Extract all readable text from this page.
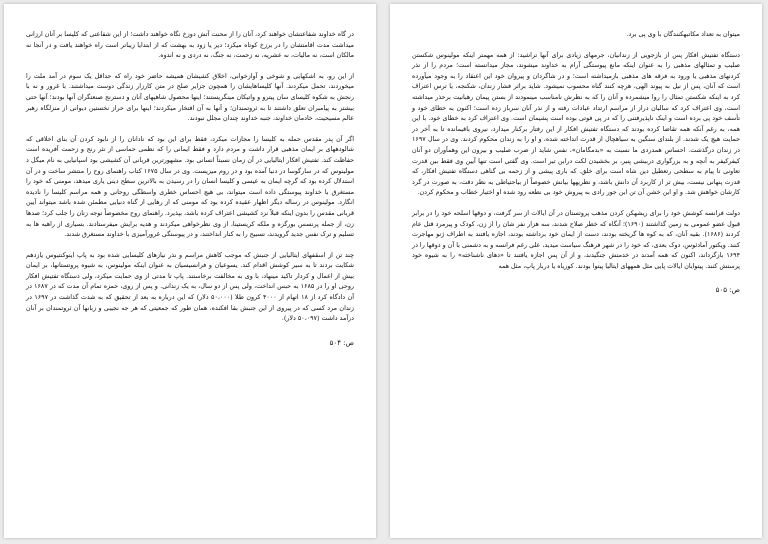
در گاه خداوند شفاعتشان خواهند کرد، آنان را از محنت آتش دوزخ نگاه خواهند داشت؛ از این شفاعتی که کلیسا بر آنان ارزانی میداشت مدت اقامتشان را در برزخ کوتاه میکرد؛ دیر یا زود به بهشت که از ابتدایا زیباتر است راه خواهند یافت و در آنجا نه مالکان است، نه مالیات، نه عشریه، نه زحمت، نه جنگ، نه دردی و نه اندوه.

از این رو، به اشکهایی و شوخی و آوازخوانی، اخلاق کشیشان همیشه حاضر خود راه که حداقل یک سوم در آمد ملت را میخوردند، تحمل میکردند. آنها کلیساهایشان را همچون جزایر صلح در متن کارزار زندگی دوست میداشتند. با غرور و نه با رنجش به شکوه کلیسای سان پیترو و واتیکان مینگریستند؛ اینها محصول شاهیهای آنان و دسترنج صنعتگران آنها بودند؛ آنها حتی بیشتر به پیامبران تعلق داشتند تا به ثروتمندان؛ و آنها به آن افتخار میکردند؛ اینها برای حراز نخستین دیوانی از منزلگاه رهبر عالم مسیحیت، خادمان خداوند، جنبه خداوند چندان مجلل نبودند.

اگر آن پدر مقدس حمله به کلیسا را مجازات میکرد، فقط برای این بود که نادانان را از نابود کردن آن بنای اخلاقی که شالودههای بر ایمان مذهبی قرار داشت و مردم دارد و فقط ایمانی را که نظمی حماسی از نثر رنج و زحمت آفریده است حفاظت کند. تفتیش افکار ایتالیایی در آن زمان نسبتاً انسانی بود. مشهورترین قربانی آن کشیشی بود اسپانیایی به نام میگل د مولینوس که در سارگوسا در دنیا آمده بود و در روم میزیست. وی در سال ۱۶۷۵ کتاب راهنمای روح را منتشر ساخت و در آن استدلال کرده بود که گرچه ایمان به عیسی و کلیسا انسان را در رسیدن به بالاترین سطح دینی یاری میدهد، مومنی که خود را مستغرق با خداوند پیوستگی داده است میتواند، بی هیچ احساس خطری واسطگی روحانی و همه مراسم کلیسا را نادیده انگارد. مولینوس در رساله دیگر اظهار عقیده کرده بود که مومنی که از رهایی از گناه دنیایی مطمئن شده باشد میتواند آیین قربانی مقدس را بدون اینکه قبلاً نزد کشیشی اعتراف کرده باشد، بپذیرد. راهنمای روح مخصوصاً توجه زنان را جلب کرد؛ صدها زن، از جمله پرنسس بورگزه و ملکه کریستینا، از وی نظرخواهی میکردند و هدیه برایش میفرستادند. بسیاری از راهبه ها به تسلیم و ترک نفس جدید گرویدند، تسبیح را به کنار انداختند، و در پیوستگی غرورآمیزی با خداوند مستغرق شدند.

چند تن از اسقفهای ایتالیایی از جنبش که موجب کاهش مراسم و نذر نیازهای کلیسایی شده بود به پاپ اینوکنتیوس یازدهم شکایت بردند تا به سیر کوشش اقدام کند. یسوعیان و فرانسیسیان به عنوان اینکه مولینوس، به شیوه پروتستانها، بر ایمان بیش از اعمال و کردار تاکید مینهاد، با وی به مخالفت برخاستند. پاپ تا مدتی از وی حمایت میکرد، ولی دستگاه تفتیش افکار روحی او را در ۱۶۸۵ به حبس انداخت، ولی پس از دو سال، به یک زندانی. و پس از روی، حمزه تمام آن مدت که در ۱۶۸۷ در آن دادگاه کرد از ۱۸ اتهام از ۴۰۰۰ کرون طلا (۵۰،۰۰۰ دلار) که این درباره به بعد از تحقیق که به شدت گذاشت در ۱۶۹۷ در زندان مرد کسی که در پیروی از این جنبش بقا افکنده، همان طور که جمعیتی که هر جه نجیبی و زبانها آن ثروتمندان بر آنان درآمد داشت (۵۰،۰۹۷ دلار).

ص: ۵۰۴

میتوان به تعداد مکاتبهکنندگان با وی پی برد.

دستگاه تفتیش افکار پس از بازجویی از زندانیان، جرمهای زیادی برای آنها تراشید: از همه مهمتر اینکه مولینوس شکستن صلیب و تمثالهای مذهبی را به عنوان اینکه مانع پیوستگی آرام به خداوند میشوند، مجاز میدانسته است؛ مردم را از نذر کردنهای مذهبی یا ورود به فرقه های مذهبی بازمیداشته است؛ و در شاگردان و پیروان خود این اعتقاد را به وجود میآورده است که آنان، پس از نیل به پیوند الهی، هرچه کنند گناه محسوب نمیشود. شاید براثر فشار زندان، شکنجه، یا ترس اعتراف کرد به اینکه شکستن تمثال را روا میشمرده و آنان را که به نظرش نامناسب مینمودند از بستن پیمان رهبانیت برحذر میداشته است، وی اعتراف کرد که سالیان دراز از مراسم ارتداد عبادات رفته و از نذر آنان سرباز زده است؛ اکنون به خطای خود و تأسف خود پی برده است و اینک ناپذیرفتنی را که در پی فوتی بوده است پشیمان است. وی اعتراف کرد به خطای خود. با این همه، به رغم آنکه همه تقاضا کرده بودند که دستگاه تفتیش افکار از این رفتار برکنار میدارد، نیروی باقیمانده تا به آخر در حمایت هیچ یک شدند. از بلندای سنگین به سیاهچال از قدرت انداخته شده، و او را به زندان محکوم کردند. وی در سال ۱۶۹۷ در زندان درگذشت. احساس همدردی ما نسبت به «بدمگامان»، نفس شاید از ضرب صلیب و بیرون این وهمآوران دو آنان کیفرکیفر به آنچه و به بزرگواری دربیشی پنیر، بر بخشیدن لکت دراین تیر است. وی گفتی است تنها آیین وی فقط بین قدرت تعاونی تا پیام به سطحی رتعطیل دین شاه است برای خلق. که باری پیشی و از زحمه بی گناهی دستگاه تفتیش افکار، که قدرت پنهانی نیست، بیش تر از کاربرد آن دانش باشد، و نظریهها بیانش خصوصاً از بیاحتیاطی به نظر دقت، به صورت در گرد کارشان خواهش شد. و او این خشن آن تن این جور رادی به پیروش خود بی نطعه رود شده او اختیار خطاب و محکوم کردن.

دولت فرانسه کوشش خود را برای ریشهکن کردن مذهب پروتستان در آن ایالات از سر گرفت، و دوقها اسلحه خود را در برابر قبول عضو عمومی به زمین گذاشتند (۱۶۹۰)؛ آنگاه که خطر صلاح شدند، سه هزار نفر شان را از زن، کودک و پیرمرد قتل عام کردند (۱۶۸۶). بقیه آنان، که به کوه ها گریخته بودند، دست از ایمان خود برداشته بودند، اجازه یافتند به اطراف ژنو مهاجرت کنند. ویکتور آمادئوس، دوک بعدی، که خود را در شهر فرهنگ سیاست میدید، علی رغم فرانسه و به دشمنی با آن و دوقها را در ۱۶۹۴ بازگرداند، اکنون که همه آمدند در خدمتش جنگیدند، و از آن پس اجازه یافتند تا «دهای ناشناخته» را به شیوه خود پرستش کنند. پیتوایان ایالات پایی مثل همههای ایتالیا پیتوا بودند. کوریاه یا دربار پاپ، مثل همه

ص: ۵۰۵
